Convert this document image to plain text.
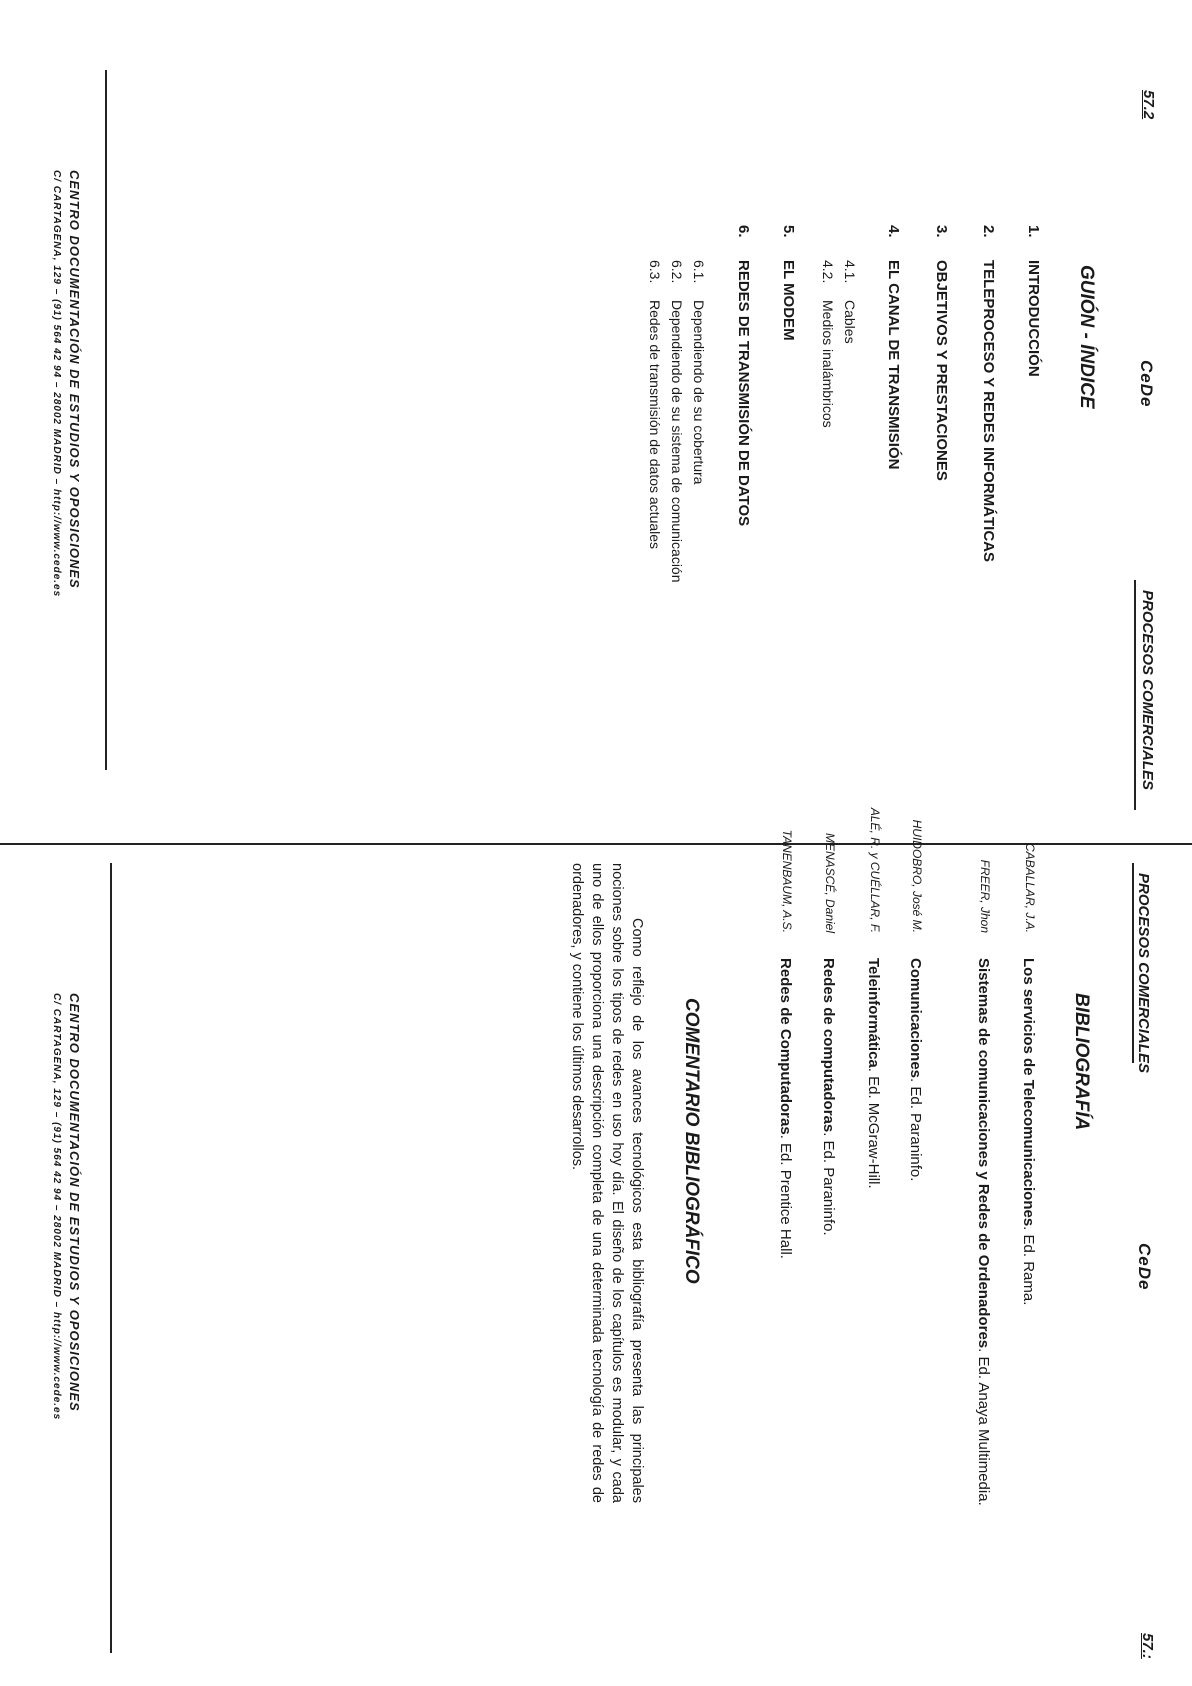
57.2
CeDe
PROCESOS COMERCIALES
GUIÓN - ÍNDICE
1.
INTRODUCCIÓN
2.
TELEPROCESO Y REDES INFORMÁTICAS
3.
OBJETIVOS Y PRESTACIONES
4.
EL CANAL DE TRANSMISIÓN
4.1.
Cables
4.2.
Medios inalámbricos
5.
EL MODEM
6.
REDES DE TRANSMISIÓN DE DATOS
6.1.
Dependiendo de su cobertura
6.2.
Dependiendo de su sistema de comunicación
6.3.
Redes de transmisión de datos actuales
CENTRO DOCUMENTACIÓN DE ESTUDIOS Y OPOSICIONES
C/ CARTAGENA, 129 – (91) 564 42 94 – 28002 MADRID – http://www.cede.es
PROCESOS COMERCIALES
CeDe
57.:
BIBLIOGRAFÍA
CABALLAR, J.A.
Los servicios de Telecomunicaciones. Ed. Rama.
FREER, Jhon
Sistemas de comunicaciones y Redes de Ordenadores. Ed. Anaya Multimedia.
HUIDOBRO, José M.
Comunicaciones. Ed. Paraninfo.
ALÉ, R. y CUÉLLAR, F.
Teleinformática. Ed. McGraw-Hill.
MENASCÉ, Daniel
Redes de computadoras. Ed. Paraninfo.
TANENBAUM, A.S.
Redes de Computadoras. Ed. Prentice Hall.
COMENTARIO BIBLIOGRÁFICO
Como reflejo de los avances tecnológicos esta bibliografía presenta las principales nociones sobre los tipos de redes en uso hoy día. El diseño de los capítulos es modular, y cada uno de ellos proporciona una descripción completa de una determinada tecnología de redes de ordenadores, y contiene los últimos desarrollos.
CENTRO DOCUMENTACIÓN DE ESTUDIOS Y OPOSICIONES
C/ CARTAGENA, 129 – (91) 564 42 94 – 28002 MADRID – http://www.cede.es
